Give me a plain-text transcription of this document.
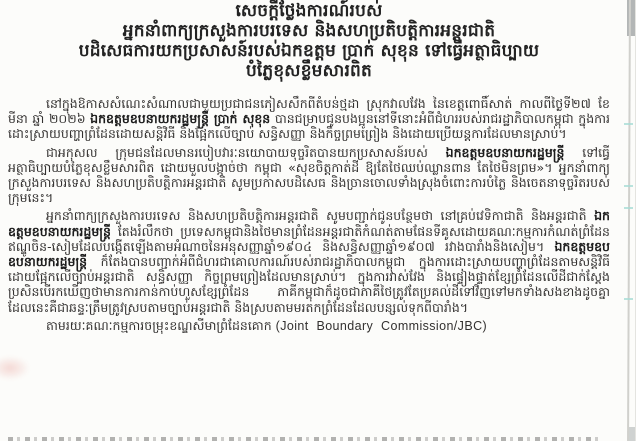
សេចក្តីថ្លែងការណ៍របស់
អ្នកនាំពាក្យក្រសួងការបរទេស និងសហប្រតិបត្តិការអន្តរជាតិ
បដិសេធការយកប្រសាសន៍របស់ឯកឧត្តម ប្រាក់ សុខុន ទៅធ្វើអត្ថាធិប្បាយ
បំភ្លៃខុសខ្លឹមសារពិត

នៅក្នុងឱកាសសំណេះសំណាលជាមួយប្រជាជនភៀសសឹកពីតំបន់ថ្មដា ស្រុកវាលវែង នៃខេត្តពោធិ៍សាត់ កាលពីថ្ងៃទី២៧ ខែមីនា ឆ្នាំ ២០២៦ ឯកឧត្តមឧបនាយករដ្ឋមន្ត្រី ប្រាក់ សុខុន បានជម្រាបជូនបងប្អូននៅទីនោះអំពីជំហររបស់រាជរដ្ឋាភិបាលកម្ពុជា ក្នុងការដោះស្រាយបញ្ហាព្រំដែនដោយសន្តិវិធី និងផ្អែកលើច្បាប់ សន្ធិសញ្ញា និងកិច្ចព្រមព្រៀង និងដោយប្រើយន្តការដែលមានស្រាប់។

ជាអកុសល ក្រុមជនដែលមានរបៀបវារៈនយោបាយទុច្ចរិតបានយកប្រសាសន៍របស់ ឯកឧត្តមឧបនាយករដ្ឋមន្ត្រី ទៅធ្វើអត្ថាធិប្បាយបំភ្លៃខុសខ្លឹមសារពិត ដោយមួលបង្កាច់ថា កម្ពុជា «សុខចិត្តកាត់ដី ឱ្យតែថៃឈប់ឈ្លានពាន តែថៃមិនព្រម»។ អ្នកនាំពាក្យក្រសួងការបរទេស និងសហប្រតិបត្តិការអន្តរជាតិ សូមប្រកាសបដិសេធ និងច្រានចោលទាំងស្រុងចំពោះការបំភ្លៃ និងចេតនាទុច្ចរិតរបស់ក្រុមនេះ។

អ្នកនាំពាក្យក្រសួងការបរទេស និងសហប្រតិបត្តិការអន្តរជាតិ សូមបញ្ជាក់ជូនបន្ថែមថា នៅគ្រប់វេទិកាជាតិ និងអន្តរជាតិ ឯកឧត្តមឧបនាយករដ្ឋមន្ត្រី តែងរំលឹកថា ប្រទេសកម្ពុជានិងថៃមានព្រំដែនអន្តរជាតិកំណត់តាមផែនទីគូសដោយគណៈកម្មការកំណត់ព្រំដែនឥណ្ឌូចិន-សៀមដែលបង្កើតឡើងតាមអំណាចនៃអនុសញ្ញាឆ្នាំ១៩០៤ និងសន្ធិសញ្ញាឆ្នាំ១៩០៧ រវាងបារាំងនិងសៀម។ ឯកឧត្តមឧបឧបនាយករដ្ឋមន្ត្រី ក៏តែងបានបញ្ជាក់អំពីជំហរជាគោលការណ៍របស់រាជរដ្ឋាភិបាលកម្ពុជា ក្នុងការដោះស្រាយបញ្ហាព្រំដែនតាមសន្តិវិធី ដោយផ្អែកលើច្បាប់អន្តរជាតិ សន្ធិសញ្ញា កិច្ចព្រមព្រៀងដែលមានស្រាប់។ ក្នុងការវាស់វែង និងផ្ទៀងផ្ទាត់ខ្សែព្រំដែនលើដីជាក់ស្តែង ប្រសិនបើរកឃើញថាមានការកាន់កាប់ហួសខ្សែព្រំដែន ភាគីកម្ពុជាក៏ដូចជាភាគីថៃត្រូវតែប្រគល់ដីទៅវិញទៅមកទាំងសងខាងដូចគ្នា ដែលនេះគឺជាឆន្ទៈត្រឹមត្រូវស្របតាមច្បាប់អន្តរជាតិ និងស្របតាមមរតកព្រំដែនដែលបន្សល់ទុកពីបារាំង។

តាមរយៈគណៈកម្មការចម្រុះខណ្ឌសីមាព្រំដែនគោក (Joint Boundary Commission/JBC)
